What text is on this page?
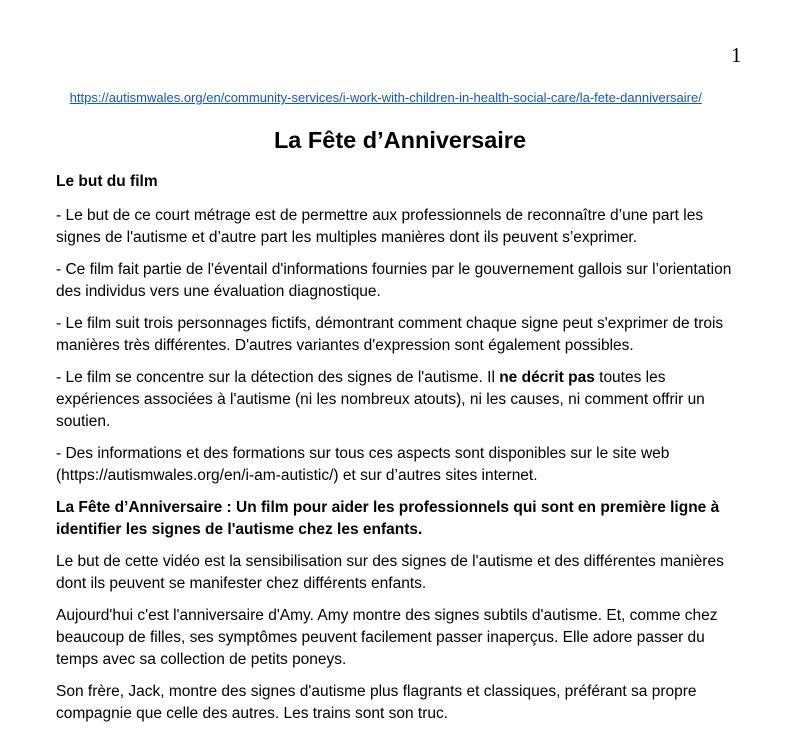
1

https://autismwales.org/en/community-services/i-work-with-children-in-health-social-care/la-fete-danniversaire/

La Fête d’Anniversaire
Le but du film

- Le but de ce court métrage est de permettre aux professionnels de reconnaître d’une part les
signes de l'autisme et d’autre part les multiples manières dont ils peuvent s’exprimer.

- Ce film fait partie de l'éventail d'informations fournies par le gouvernement gallois sur l’orientation
des individus vers une évaluation diagnostique.

- Le film suit trois personnages fictifs, démontrant comment chaque signe peut s'exprimer de trois
manières très différentes. D'autres variantes d'expression sont également possibles.

- Le film se concentre sur la détection des signes de l'autisme. Il ne décrit pas toutes les
expériences associées à l'autisme (ni les nombreux atouts), ni les causes, ni comment offrir un
soutien.

- Des informations et des formations sur tous ces aspects sont disponibles sur le site web
(https://autismwales.org/en/i-am-autistic/) et sur d’autres sites internet.

La Fête d’Anniversaire : Un film pour aider les professionnels qui sont en première ligne à
identifier les signes de l'autisme chez les enfants.

Le but de cette vidéo est la sensibilisation sur des signes de l'autisme et des différentes manières
dont ils peuvent se manifester chez différents enfants.

Aujourd'hui c'est l'anniversaire d'Amy. Amy montre des signes subtils d'autisme. Et, comme chez
beaucoup de filles, ses symptômes peuvent facilement passer inaperçus. Elle adore passer du
temps avec sa collection de petits poneys.

Son frère, Jack, montre des signes d'autisme plus flagrants et classiques, préférant sa propre
compagnie que celle des autres. Les trains sont son truc.
